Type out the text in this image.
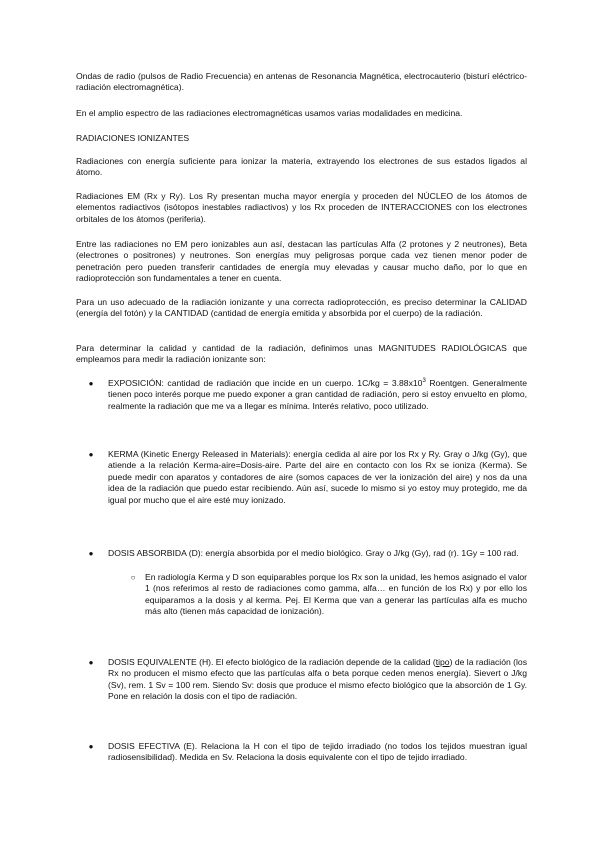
Ondas de radio (pulsos de Radio Frecuencia) en antenas de Resonancia Magnética, electrocauterio (bisturí eléctrico-radiación electromagnética).

En el amplio espectro de las radiaciones electromagnéticas usamos varias modalidades en medicina.

RADIACIONES IONIZANTES

Radiaciones con energía suficiente para ionizar la materia, extrayendo los electrones de sus estados ligados al átomo.

Radiaciones EM (Rx y Ry). Los Ry presentan mucha mayor energía y proceden del NÚCLEO de los átomos de elementos radiactivos (isótopos inestables radiactivos) y los Rx proceden de INTERACCIONES con los electrones orbitales de los átomos (periferia).

Entre las radiaciones no EM pero ionizables aun así, destacan las partículas Alfa (2 protones y 2 neutrones), Beta (electrones o positrones) y neutrones. Son energías muy peligrosas porque cada vez tienen menor poder de penetración pero pueden transferir cantidades de energía muy elevadas y causar mucho daño, por lo que en radioprotección son fundamentales a tener en cuenta.

Para un uso adecuado de la radiación ionizante y una correcta radioprotección, es preciso determinar la CALIDAD (energía del fotón) y la CANTIDAD (cantidad de energía emitida y absorbida por el cuerpo) de la radiación.

Para determinar la calidad y cantidad de la radiación, definimos unas MAGNITUDES RADIOLÓGICAS que empleamos para medir la radiación ionizante son:

● EXPOSICIÓN: cantidad de radiación que incide en un cuerpo. $1C/kg = 3.88x10^3$ Roentgen. Generalmente tienen poco interés porque me puedo exponer a gran cantidad de radiación, pero si estoy envuelto en plomo, realmente la radiación que me va a llegar es mínima. Interés relativo, poco utilizado.

● KERMA (Kinetic Energy Released in Materials): energía cedida al aire por los Rx y Ry. Gray o J/kg (Gy), que atiende a la relación Kerma-aire=Dosis-aire. Parte del aire en contacto con los Rx se ioniza (Kerma). Se puede medir con aparatos y contadores de aire (somos capaces de ver la ionización del aire) y nos da una idea de la radiación que puedo estar recibiendo. Aún así, sucede lo mismo si yo estoy muy protegido, me da igual por mucho que el aire esté muy ionizado.

● DOSIS ABSORBIDA (D): energía absorbida por el medio biológico. Gray o J/kg (Gy), rad (r). 1Gy = 100 rad.

○ En radiología Kerma y D son equiparables porque los Rx son la unidad, les hemos asignado el valor 1 (nos referimos al resto de radiaciones como gamma, alfa… en función de los Rx) y por ello los equiparamos a la dosis y al kerma. Pej. El Kerma que van a generar las partículas alfa es mucho más alto (tienen más capacidad de ionización).

● DOSIS EQUIVALENTE (H). El efecto biológico de la radiación depende de la calidad (tipo) de la radiación (los Rx no producen el mismo efecto que las partículas alfa o beta porque ceden menos energía). Sievert o J/kg (Sv), rem. 1 Sv = 100 rem. Siendo Sv: dosis que produce el mismo efecto biológico que la absorción de 1 Gy. Pone en relación la dosis con el tipo de radiación.

● DOSIS EFECTIVA (E). Relaciona la H con el tipo de tejido irradiado (no todos los tejidos muestran igual radiosensibilidad). Medida en Sv. Relaciona la dosis equivalente con el tipo de tejido irradiado.
